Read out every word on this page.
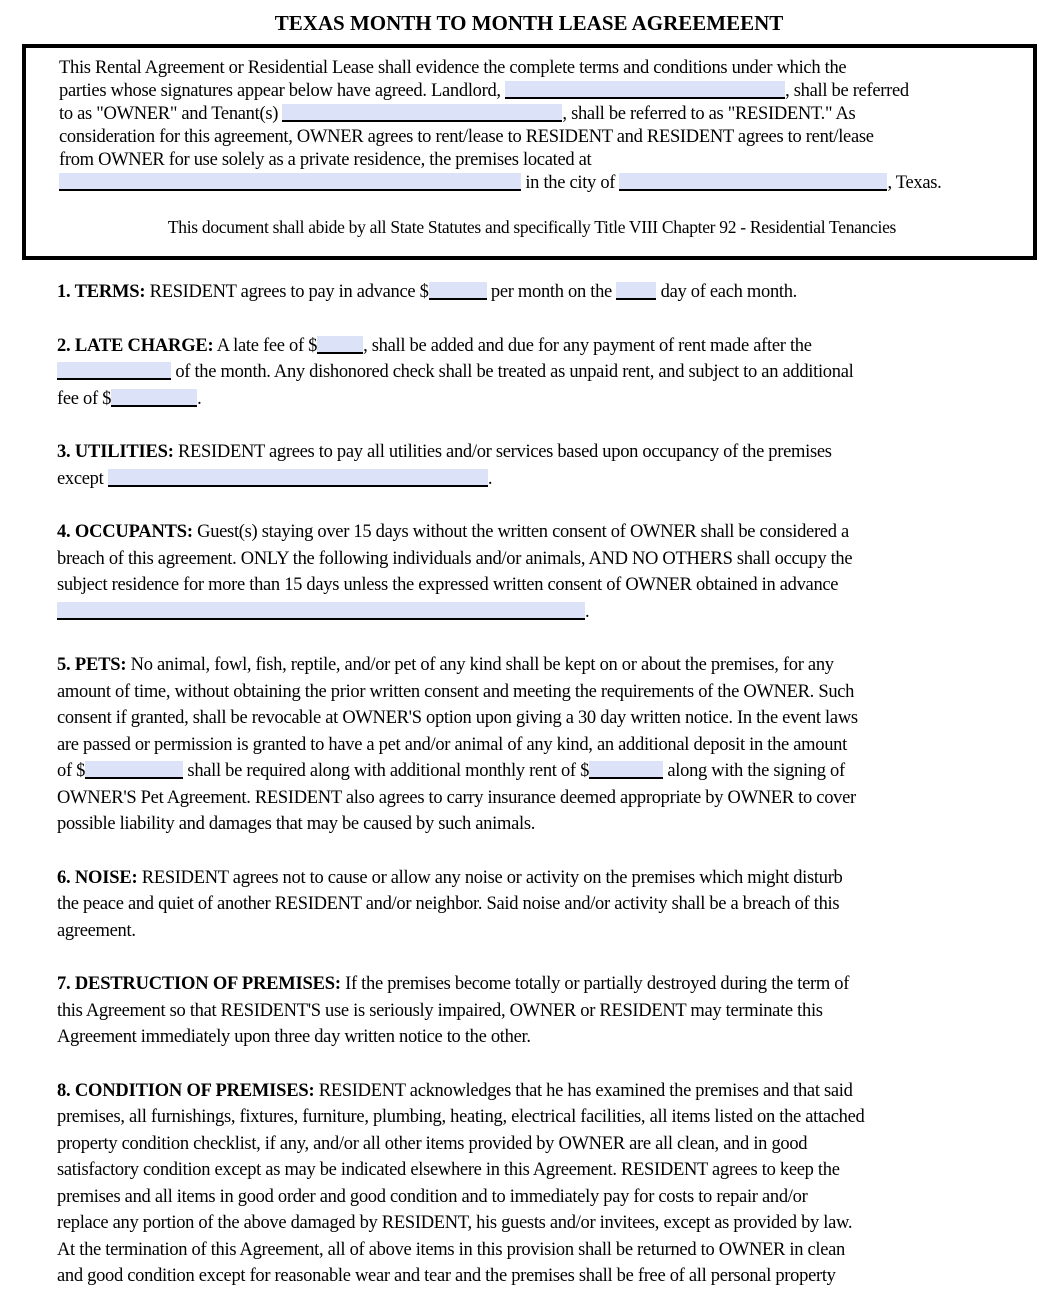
TEXAS MONTH TO MONTH LEASE AGREEMEENT

This Rental Agreement or Residential Lease shall evidence the complete terms and conditions under which the
parties whose signatures appear below have agreed. Landlord,	, shall be referred
to as "OWNER" and Tenant(s)	, shall be referred to as "RESIDENT." As
consideration for this agreement, OWNER agrees to rent/lease to RESIDENT and RESIDENT agrees to rent/lease
from OWNER for use solely as a private residence, the premises located at
in the city of	, Texas.

This document shall abide by all State Statutes and specifically Title VIII Chapter 92 - Residential Tenancies

1. TERMS: RESIDENT agrees to pay in advance $	per month on the  day of each month.

2. LATE CHARGE: A late fee of $ , shall be added and due for any payment of rent made after the
of the month. Any dishonored check shall be treated as unpaid rent, and subject to an additional
fee of $	.

3. UTILITIES: RESIDENT agrees to pay all utilities and/or services based upon occupancy of the premises
except	.

4. OCCUPANTS: Guest(s) staying over 15 days without the written consent of OWNER shall be considered a
breach of this agreement. ONLY the following individuals and/or animals, AND NO OTHERS shall occupy the
subject residence for more than 15 days unless the expressed written consent of OWNER obtained in advance
.

5. PETS: No animal, fowl, fish, reptile, and/or pet of any kind shall be kept on or about the premises, for any
amount of time, without obtaining the prior written consent and meeting the requirements of the OWNER. Such
consent if granted, shall be revocable at OWNER'S option upon giving a 30 day written notice. In the event laws
are passed or permission is granted to have a pet and/or animal of any kind, an additional deposit in the amount
of $	shall be required along with additional monthly rent of $	along with the signing of
OWNER'S Pet Agreement. RESIDENT also agrees to carry insurance deemed appropriate by OWNER to cover
possible liability and damages that may be caused by such animals.

6. NOISE: RESIDENT agrees not to cause or allow any noise or activity on the premises which might disturb
the peace and quiet of another RESIDENT and/or neighbor. Said noise and/or activity shall be a breach of this
agreement.

7. DESTRUCTION OF PREMISES: If the premises become totally or partially destroyed during the term of
this Agreement so that RESIDENT'S use is seriously impaired, OWNER or RESIDENT may terminate this
Agreement immediately upon three day written notice to the other.

8. CONDITION OF PREMISES: RESIDENT acknowledges that he has examined the premises and that said
premises, all furnishings, fixtures, furniture, plumbing, heating, electrical facilities, all items listed on the attached
property condition checklist, if any, and/or all other items provided by OWNER are all clean, and in good
satisfactory condition except as may be indicated elsewhere in this Agreement. RESIDENT agrees to keep the
premises and all items in good order and good condition and to immediately pay for costs to repair and/or
replace any portion of the above damaged by RESIDENT, his guests and/or invitees, except as provided by law.
At the termination of this Agreement, all of above items in this provision shall be returned to OWNER in clean
and good condition except for reasonable wear and tear and the premises shall be free of all personal property
